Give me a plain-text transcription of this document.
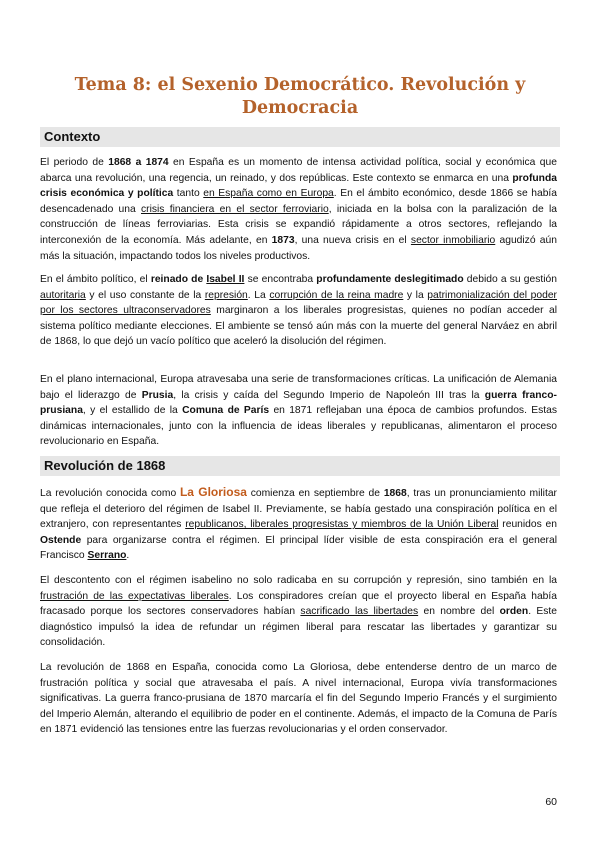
Tema 8: el Sexenio Democrático. Revolución y Democracia
Contexto

El periodo de 1868 a 1874 en España es un momento de intensa actividad política, social y económica que abarca una revolución, una regencia, un reinado, y dos repúblicas. Este contexto se enmarca en una profunda crisis económica y política tanto en España como en Europa. En el ámbito económico, desde 1866 se había desencadenado una crisis financiera en el sector ferroviario, iniciada en la bolsa con la paralización de la construcción de líneas ferroviarias. Esta crisis se expandió rápidamente a otros sectores, reflejando la interconexión de la economía. Más adelante, en 1873, una nueva crisis en el sector inmobiliario agudizó aún más la situación, impactando todos los niveles productivos.

En el ámbito político, el reinado de Isabel II se encontraba profundamente deslegitimado debido a su gestión autoritaria y el uso constante de la represión. La corrupción de la reina madre y la patrimonialización del poder por los sectores ultraconservadores marginaron a los liberales progresistas, quienes no podían acceder al sistema político mediante elecciones. El ambiente se tensó aún más con la muerte del general Narváez en abril de 1868, lo que dejó un vacío político que aceleró la disolución del régimen.

En el plano internacional, Europa atravesaba una serie de transformaciones críticas. La unificación de Alemania bajo el liderazgo de Prusia, la crisis y caída del Segundo Imperio de Napoleón III tras la guerra franco-prusiana, y el estallido de la Comuna de París en 1871 reflejaban una época de cambios profundos. Estas dinámicas internacionales, junto con la influencia de ideas liberales y republicanas, alimentaron el proceso revolucionario en España.

Revolución de 1868

La revolución conocida como La Gloriosa comienza en septiembre de 1868, tras un pronunciamiento militar que refleja el deterioro del régimen de Isabel II. Previamente, se había gestado una conspiración política en el extranjero, con representantes republicanos, liberales progresistas y miembros de la Unión Liberal reunidos en Ostende para organizarse contra el régimen. El principal líder visible de esta conspiración era el general Francisco Serrano.

El descontento con el régimen isabelino no solo radicaba en su corrupción y represión, sino también en la frustración de las expectativas liberales. Los conspiradores creían que el proyecto liberal en España había fracasado porque los sectores conservadores habían sacrificado las libertades en nombre del orden. Este diagnóstico impulsó la idea de refundar un régimen liberal para rescatar las libertades y garantizar su consolidación.

La revolución de 1868 en España, conocida como La Gloriosa, debe entenderse dentro de un marco de frustración política y social que atravesaba el país. A nivel internacional, Europa vivía transformaciones significativas. La guerra franco-prusiana de 1870 marcaría el fin del Segundo Imperio Francés y el surgimiento del Imperio Alemán, alterando el equilibrio de poder en el continente. Además, el impacto de la Comuna de París en 1871 evidenció las tensiones entre las fuerzas revolucionarias y el orden conservador.

60
